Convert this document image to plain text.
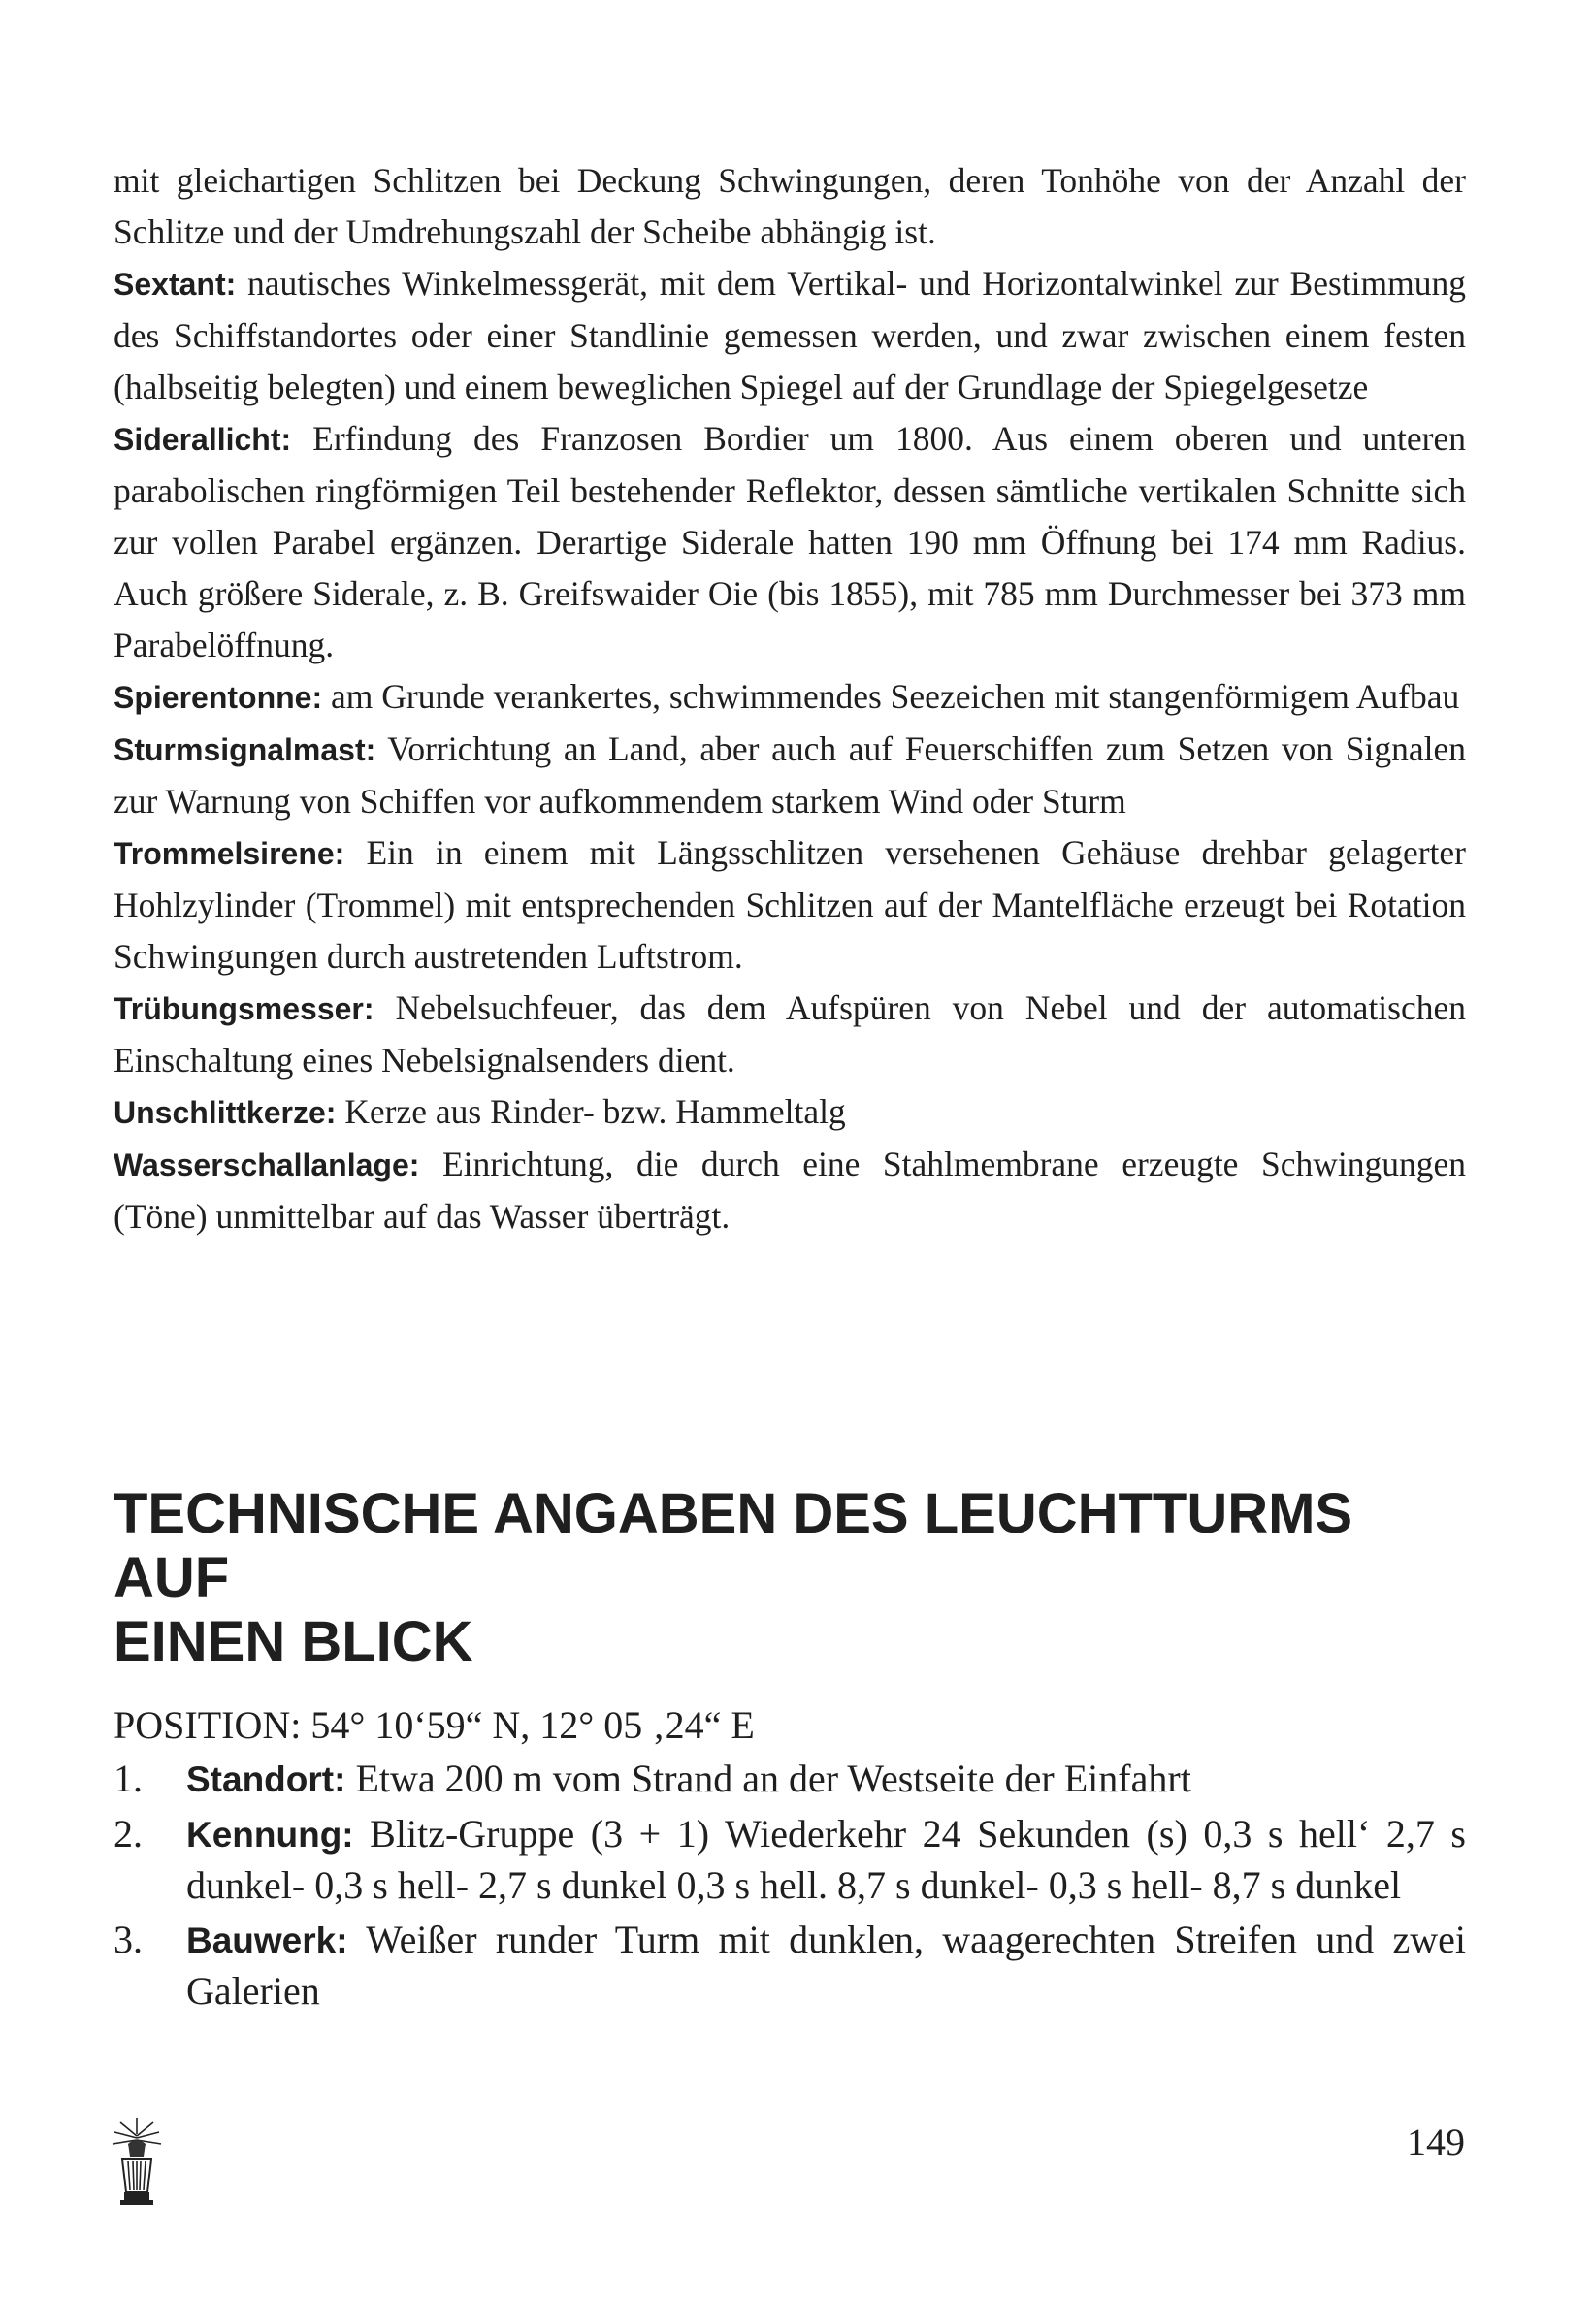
mit gleichartigen Schlitzen bei Deckung Schwingungen, deren Tonhöhe von der Anzahl der Schlitze und der Umdrehungszahl der Scheibe abhängig ist.

Sextant: nautisches Winkelmessgerät, mit dem Vertikal- und Horizontalwinkel zur Bestimmung des Schiffstandortes oder einer Standlinie gemessen werden, und zwar zwischen einem festen (halbseitig belegten) und einem beweglichen Spiegel auf der Grundlage der Spiegelgesetze

Siderallicht: Erfindung des Franzosen Bordier um 1800. Aus einem oberen und unteren parabolischen ringförmigen Teil bestehender Reflektor, dessen sämtliche vertikalen Schnitte sich zur vollen Parabel ergänzen. Derartige Siderale hatten 190 mm Öffnung bei 174 mm Radius. Auch größere Siderale, z. B. Greifswaider Oie (bis 1855), mit 785 mm Durchmesser bei 373 mm Parabelöffnung.

Spierentonne: am Grunde verankertes, schwimmendes Seezeichen mit stangenförmigem Aufbau

Sturmsignalmast: Vorrichtung an Land, aber auch auf Feuerschiffen zum Setzen von Signalen zur Warnung von Schiffen vor aufkommendem starkem Wind oder Sturm

Trommelsirene: Ein in einem mit Längsschlitzen versehenen Gehäuse drehbar gelagerter Hohlzylinder (Trommel) mit entsprechenden Schlitzen auf der Mantelfläche erzeugt bei Rotation Schwingungen durch austretenden Luftstrom.

Trübungsmesser: Nebelsuchfeuer, das dem Aufspüren von Nebel und der automatischen Einschaltung eines Nebelsignalsenders dient.

Unschlittkerze: Kerze aus Rinder- bzw. Hammeltalg

Wasserschallanlage: Einrichtung, die durch eine Stahlmembrane erzeugte Schwingungen (Töne) unmittelbar auf das Wasser überträgt.

TECHNISCHE ANGABEN DES LEUCHTTURMS AUF
EINEN BLICK
POSITION: 54° 10‘59“ N, 12° 05 ‚24“ E
1.	Standort: Etwa 200 m vom Strand an der Westseite der Einfahrt
2.	Kennung: Blitz-Gruppe (3 + 1) Wiederkehr 24 Sekunden (s) 0,3 s hell‘ 2,7 s dunkel- 0,3 s hell- 2,7 s dunkel 0,3 s hell. 8,7 s dunkel- 0,3 s hell- 8,7 s dunkel
3.	Bauwerk: Weißer runder Turm mit dunklen, waagerechten Streifen und zwei Galerien
149
